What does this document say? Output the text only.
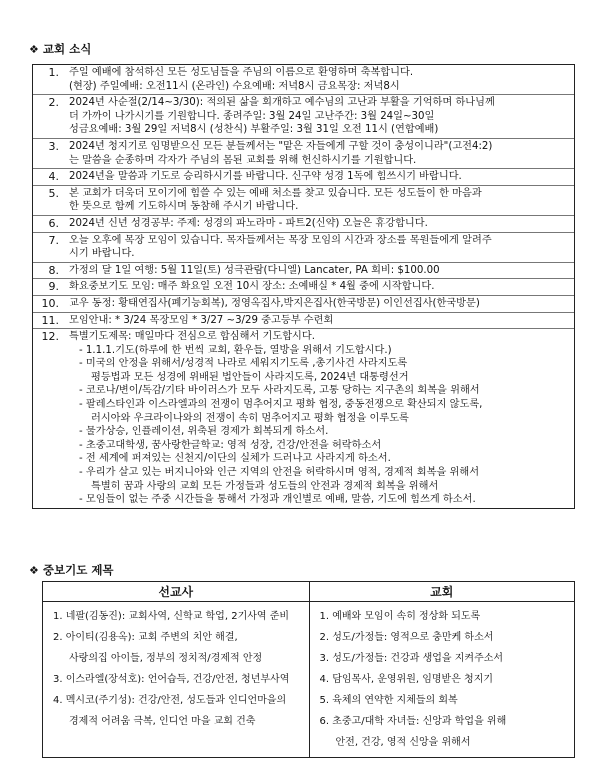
❖ 교회 소식
1. 주일 예배에 참석하신 모든 성도님들을 주님의 이름으로 환영하며 축복합니다.
(현장) 주일예배: 오전11시 (온라인) 수요예배: 저녁8시 금요목장: 저녁8시
2. 2024년 사순절(2/14~3/30): 적의된 삶을 회개하고 예수님의 고난과 부활을 기억하며 하나님께
더 가까이 나가시기를 기원합니다. 종려주일: 3월 24일 고난주간: 3월 24일~30일
성금요예배: 3월 29일 저녁8시 (성찬식) 부활주일: 3월 31일 오전 11시 (연합예배)
3. 2024년 청지기로 임명받으신 모든 분들께서는 "맡은 자들에게 구할 것이 충성이니라"(고전4:2)
는 말씀을 순종하며 각자가 주님의 몸된 교회를 위해 헌신하시기를 기원합니다.
4. 2024년을 말씀과 기도로 승리하시기를 바랍니다. 신구약 성경 1독에 힘쓰시기 바랍니다.
5. 본 교회가 더욱더 모이기에 힘쓸 수 있는 예배 처소를 찾고 있습니다. 모든 성도들이 한 마음과
한 뜻으로 함께 기도하시며 동참해 주시기 바랍니다.
6. 2024년 신년 성경공부: 주제: 성경의 파노라마 - 파트2(신약) 오늘은 휴강합니다.
7. 오늘 오후에 목장 모임이 있습니다. 목자들께서는 목장 모임의 시간과 장소를 목원들에게 알려주
시기 바랍니다.
8. 가정의 달 1일 여행: 5월 11일(토) 성극관람(다니엘) Lancater, PA 회비: $100.00
9. 화요중보기도 모임: 매주 화요일 오전 10시 장소: 소예배실 * 4월 중에 시작합니다.
10. 교우 동정: 황태연집사(폐기능회복), 정영옥집사,박지은집사(한국방문) 이인선집사(한국방문)
11. 모임안내: * 3/24 목장모임 * 3/27 ~3/29 중고등부 수련회
12. 특별기도제목: 매일마다 전심으로 합심해서 기도합시다.
- 1.1.1.기도(하루에 한 번씩 교회, 환우들, 열방을 위해서 기도합시다.)
- 미국의 안정을 위해서/성경적 나라로 세워지기도록 ,총기사건 사라지도록
평등법과 모든 성경에 위배된 법안들이 사라지도록, 2024년 대통령선거
- 코로나/변이/독감/기타 바이러스가 모두 사라지도록, 고통 당하는 지구촌의 회복을 위해서
- 팔레스타인과 이스라엘과의 전쟁이 멈추어지고 평화 협정, 중동전쟁으로 확산되지 않도록,
러시아와 우크라이나와의 전쟁이 속히 멈추어지고 평화 협정을 이루도록
- 물가상승, 인플레이션, 위축된 경제가 회복되게 하소서.
- 초중고대학생, 꿈사랑한글학교: 영적 성장, 건강/안전을 허락하소서
- 전 세계에 퍼져있는 신천지/이단의 실체가 드러나고 사라지게 하소서.
- 우리가 살고 있는 버지니아와 인근 지역의 안전을 허락하시며 영적, 경제적 회복을 위해서
특별히 꿈과 사랑의 교회 모든 가정들과 성도들의 안전과 경제적 회복을 위해서
- 모임들이 없는 주중 시간들을 통해서 가정과 개인별로 예배, 말씀, 기도에 힘쓰게 하소서.
❖ 중보기도 제목
선교사
1. 네팔(김동진): 교회사역, 신학교 학업, 2기사역 준비
2. 아이티(김용옥): 교회 주변의 치안 해결,
사랑의집 아이들, 정부의 정치적/경제적 안정
3. 이스라엘(장석호): 언어습득, 건강/안전, 청년부사역
4. 멕시코(주기성): 건강/안전, 성도들과 인디언마을의
경제적 어려움 극복, 인디언 마을 교회 건축
교회
1. 예배와 모임이 속히 정상화 되도록
2. 성도/가정들: 영적으로 충만케 하소서
3. 성도/가정들: 건강과 생업을 지켜주소서
4. 담임목사, 운영위원, 임명받은 청지기
5. 육체의 연약한 지체들의 회복
6. 초중고/대학 자녀들: 신앙과 학업을 위해
안전, 건강, 영적 신앙을 위해서
